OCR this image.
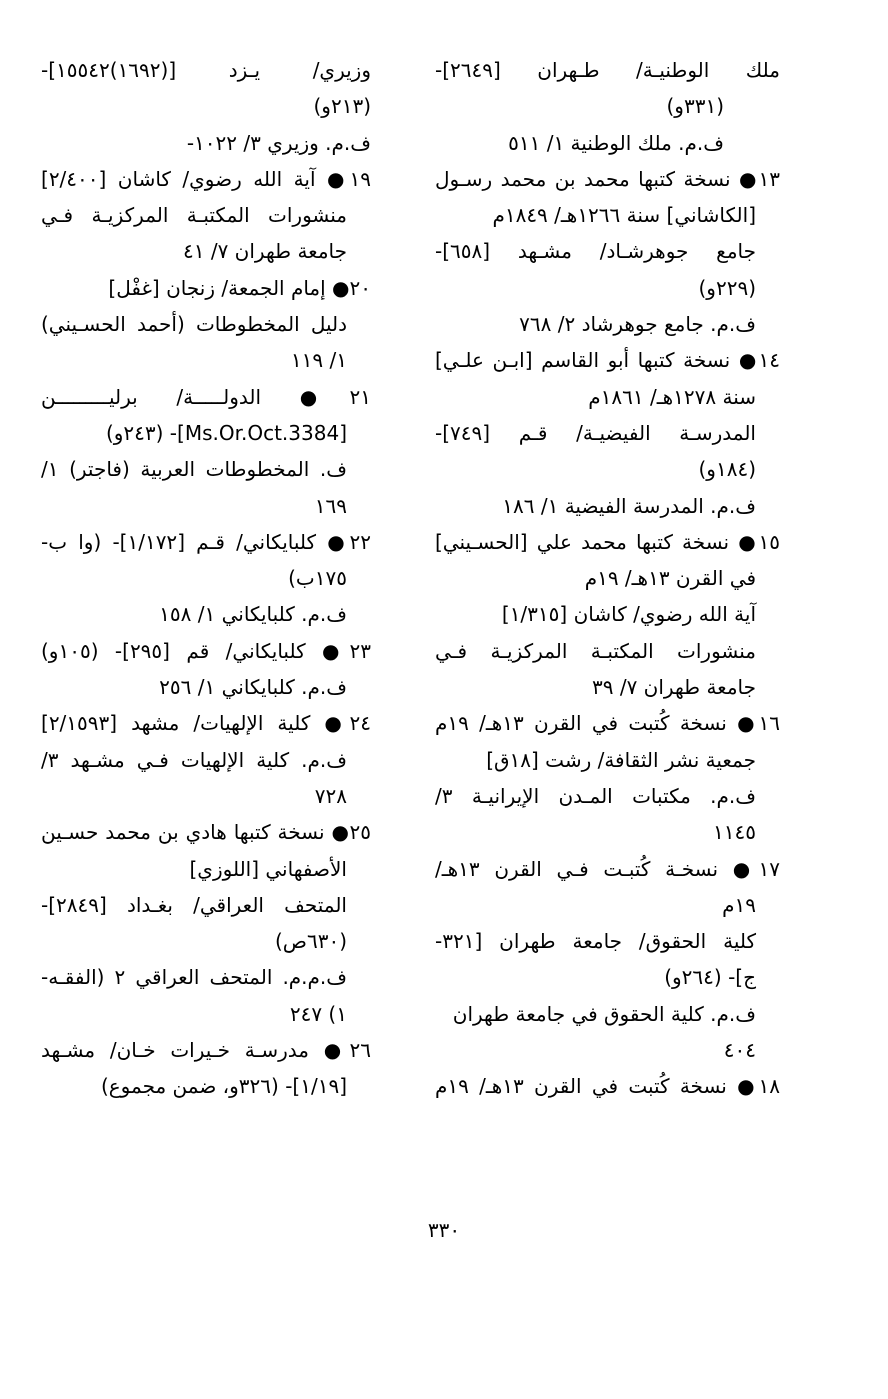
ملك الوطنيـة/ طـهران [٢٦٤٩]-
(٣٣١و)
ف.م. ملك الوطنية ١/ ٥١١
١٣● نسخة كتبها محمد بن محمد رسـول
[الكاشاني] سنة ١٢٦٦هـ/ ١٨٤٩م
جامع جوهرشـاد/ مشـهد [٦٥٨]-
(٢٢٩و)
ف.م. جامع جوهرشاد ٢/ ٧٦٨
١٤● نسخة كتبها أبو القاسم [ابـن علـي]
سنة ١٢٧٨هـ/ ١٨٦١م
المدرسـة الفيضيـة/ قـم [٧٤٩]-
(١٨٤و)
ف.م. المدرسة الفيضية ١/ ١٨٦
١٥● نسخة كتبها محمد علي [الحسـيني]
في القرن ١٣هـ/ ١٩م
آية الله رضوي/ كاشان [١/٣١٥]
منشورات المكتبـة المركزيـة فـي
جامعة طهران ٧/ ٣٩
١٦● نسخة كُتبت في القرن ١٣هـ/ ١٩م
جمعية نشر الثقافة/ رشت [١٨ق]
ف.م. مكتبات المـدن الإيرانيـة ٣/
١١٤٥
١٧● نسخـة كُتبـت فـي القرن ١٣هـ/
١٩م
كلية الحقوق/ جامعة طهران [٣٢١-
ج]- (٢٦٤و)
ف.م. كلية الحقوق في جامعة طهران
٤٠٤
١٨● نسخة كُتبت في القرن ١٣هـ/ ١٩م
وزيري/ يـزد [(١٦٩٢)١٥٥٤٢]-
(٢١٣و)
ف.م. وزيري ٣/ ١٠٢٢-
١٩● آية الله رضوي/ كاشان [٢/٤٠٠]
منشورات المكتبـة المركزيـة فـي
جامعة طهران ٧/ ٤١
٢٠● إمام الجمعة/ زنجان [غفْل]
دليل المخطوطات (أحمد الحسـيني)
١/ ١١٩
٢١● الدولـــــة/ برليـــــــــن
[Ms.Or.Oct.3384]- (٢٤٣و)
ف. المخطوطات العربية (فاجتر) ١/
١٦٩
٢٢● كلبايكاني/ قـم [١/١٧٢]- (وا ب-
١٧٥ب)
ف.م. كلبايكاني ١/ ١٥٨
٢٣● كلبايكاني/ قم [٢٩٥]- (١٠٥و)
ف.م. كلبايكاني ١/ ٢٥٦
٢٤● كلية الإلهيات/ مشهد [٢/١٥٩٣]
ف.م. كلية الإلهيات فـي مشـهد ٣/
٧٢٨
٢٥● نسخة كتبها هادي بن محمد حسـين
الأصفهاني [اللوزي]
المتحف العراقي/ بغـداد [٢٨٤٩]-
(٦٣٠ص)
ف.م.م. المتحف العراقي ٢ (الفقـه-
١) ٢٤٧
٢٦● مدرسـة خـيرات خـان/ مشـهد
[١/١٩]- (٣٢٦و، ضمن مجموع)
٣٣٠
